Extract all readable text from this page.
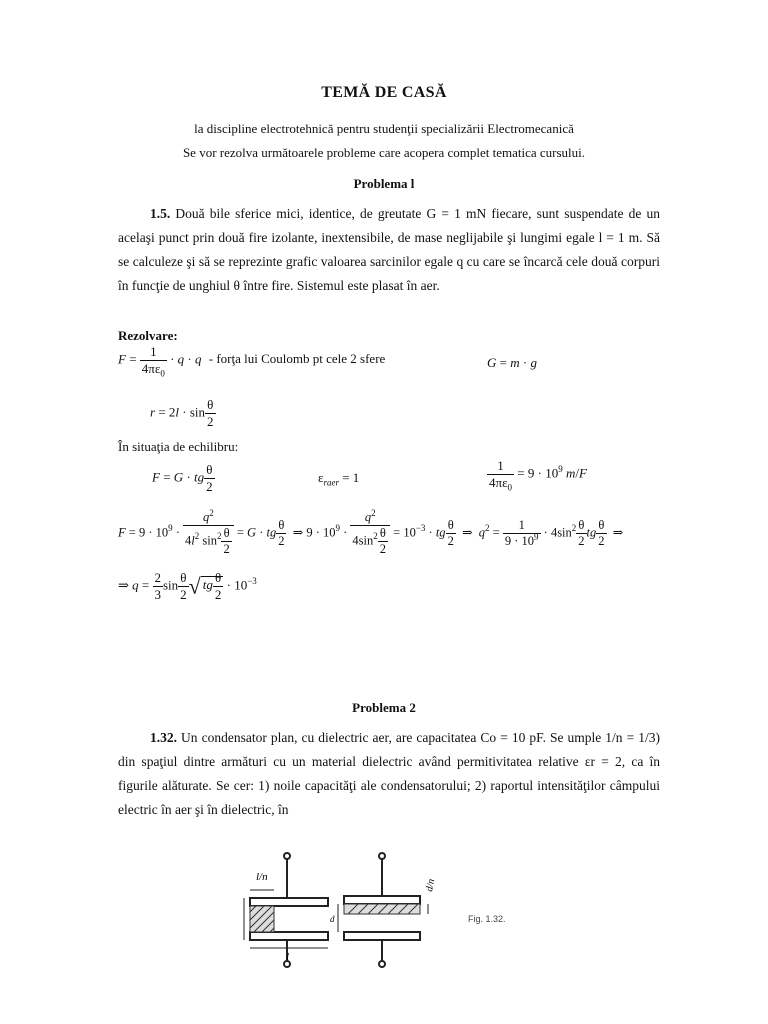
TEMĂ DE CASĂ
la discipline electrotehnică pentru studenţii specializării Electromecanică
Se vor rezolva următoarele probleme care acopera complet tematica cursului.
Problema l

1.5. Două bile sferice mici, identice, de greutate G = 1 mN fiecare, sunt suspendate de un acelaşi punct prin două fire izolante, inextensibile, de mase neglijabile şi lungimi egale l = 1 m. Să se calculeze şi să se reprezinte grafic valoarea sarcinilor egale q cu care se încarcă cele două corpuri în funcţie de unghiul θ între fire. Sistemul este plasat în aer.

Rezolvare:
$F = \frac{1}{4\pi\varepsilon_0} \cdot q \cdot q$ - forţa lui Coulomb pt cele 2 sfere	G = m · g
$r = 2l \cdot \sin \frac{\theta}{2}$
În situaţia de echilibru:
F = G · tg $\frac{\theta}{2}$	$\varepsilon_{raer} = 1$	$\frac{1}{4\pi\varepsilon_0} = 9 \cdot 10^9$ m/F
$F = 9 \cdot 10^9 \cdot \frac{q^2}{4l^2 \sin^2 \frac{\theta}{2}} = G$ · tg $\frac{\theta}{2}$ ⇒ $9 \cdot 10^9 \cdot \frac{q^2}{4\sin^2 \frac{\theta}{2}} = 10^{-3}$ · tg $\frac{\theta}{2}$ ⇒  $q^2 = \frac{1}{9 \cdot 10^9} \cdot 4\sin^2 \frac{\theta}{2}$ tg $\frac{\theta}{2}$ ⇒
⇒ $q = \frac{2}{3}$ $\sin \frac{\theta}{2}$ √ tg $\frac{\theta}{2} \cdot 10^{-3}$
Problema 2

1.32. Un condensator plan, cu dielectric aer, are capacitatea Co = 10 pF. Se umple 1/n = 1/3) din spaţiul dintre armături cu un material dielectric având permitivitatea relative εr = 2, ca în figurile alăturate. Se cer: 1) noile capacităţi ale condensatorului; 2) raportul intensităţilor câmpului electric în aer şi în dielectric, în

l/n
l
d/n
d	Fig. 1.32.
